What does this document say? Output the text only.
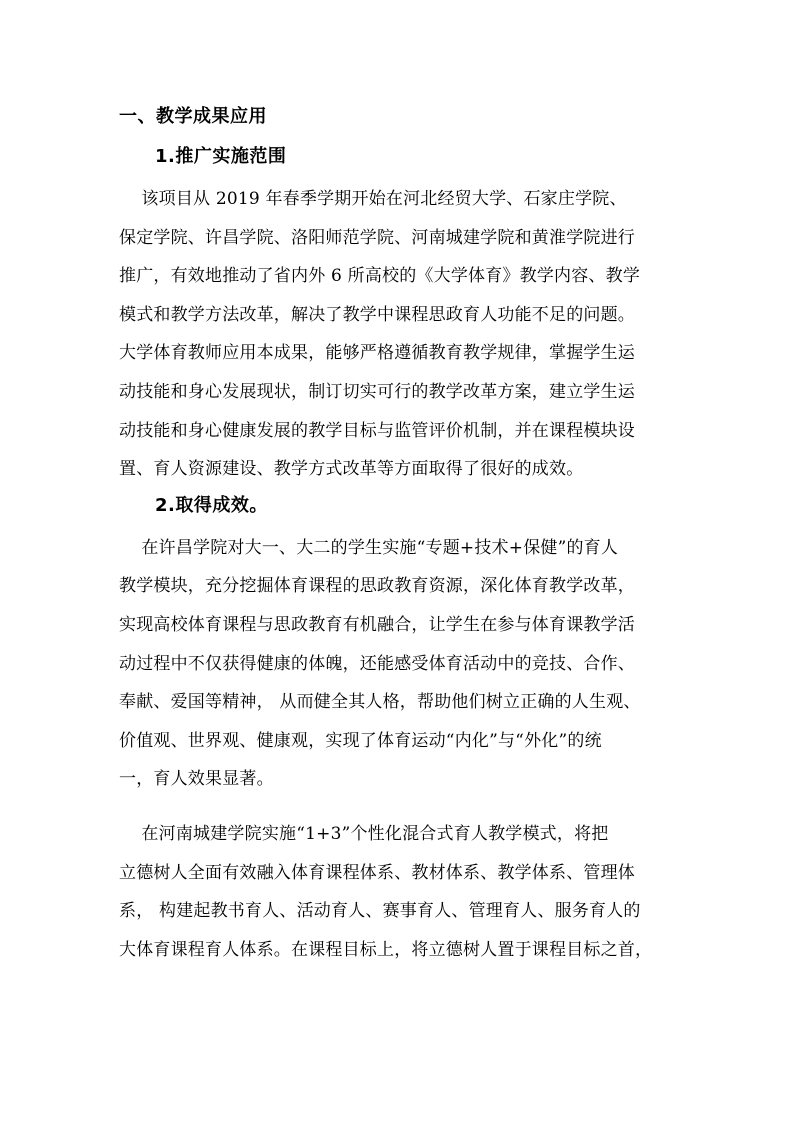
一、教学成果应用
1.推广实施范围
该项目从 2019 年春季学期开始在河北经贸大学、石家庄学院、
保定学院、许昌学院、洛阳师范学院、河南城建学院和黄淮学院进行
推广，有效地推动了省内外 6 所高校的《大学体育》教学内容、教学
模式和教学方法改革，解决了教学中课程思政育人功能不足的问题。
大学体育教师应用本成果，能够严格遵循教育教学规律，掌握学生运
动技能和身心发展现状，制订切实可行的教学改革方案，建立学生运
动技能和身心健康发展的教学目标与监管评价机制，并在课程模块设
置、育人资源建设、教学方式改革等方面取得了很好的成效。
2.取得成效。
在许昌学院对大一、大二的学生实施“专题+技术+保健”的育人
教学模块，充分挖掘体育课程的思政教育资源，深化体育教学改革，
实现高校体育课程与思政教育有机融合，让学生在参与体育课教学活
动过程中不仅获得健康的体魄，还能感受体育活动中的竞技、合作、
奉献、爱国等精神， 从而健全其人格，帮助他们树立正确的人生观、
价值观、世界观、健康观，实现了体育运动“内化”与“外化”的统
一，育人效果显著。
在河南城建学院实施“1+3”个性化混合式育人教学模式，将把
立德树人全面有效融入体育课程体系、教材体系、教学体系、管理体
系， 构建起教书育人、活动育人、赛事育人、管理育人、服务育人的
大体育课程育人体系。在课程目标上，将立德树人置于课程目标之首，
